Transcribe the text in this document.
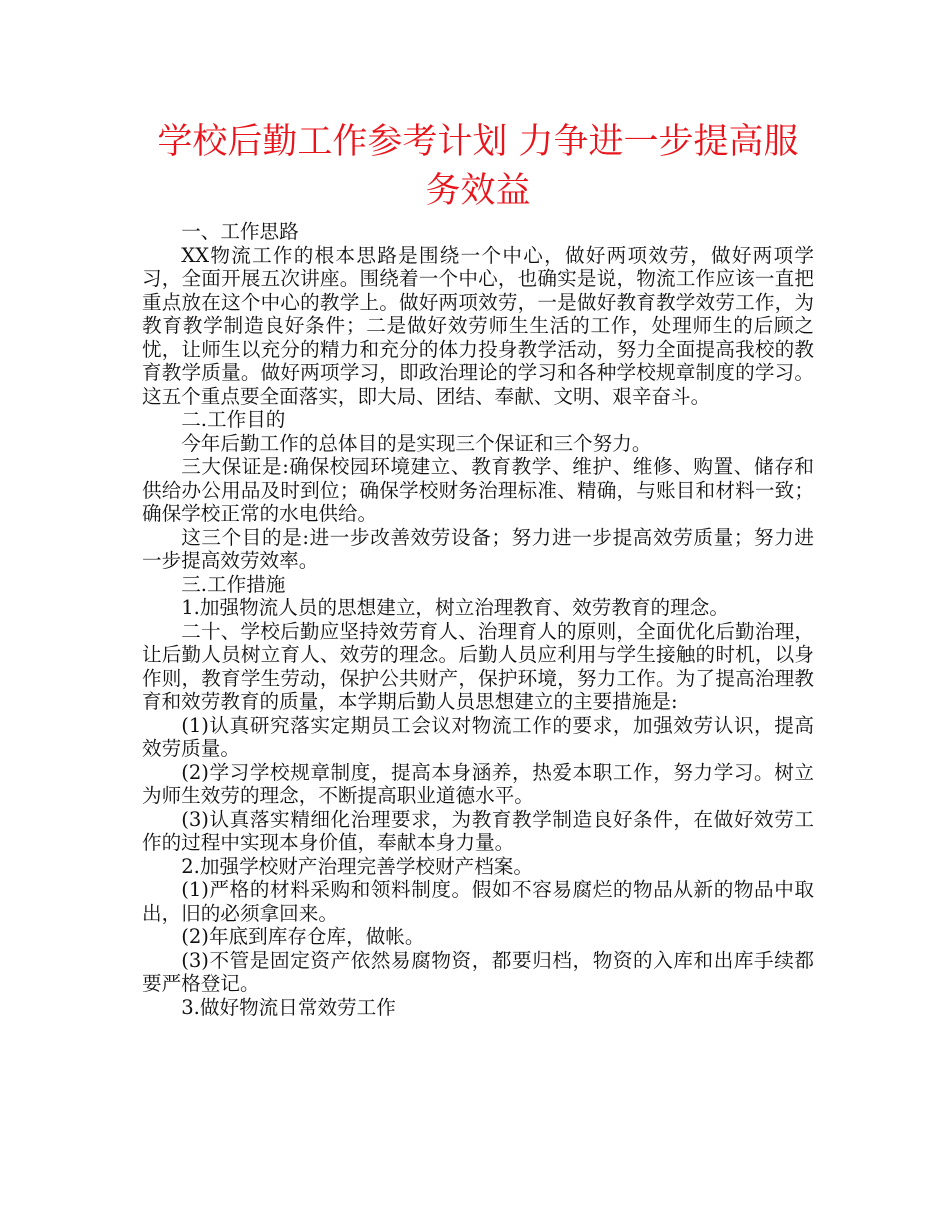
学校后勤工作参考计划 力争进一步提高服务效益

一、工作思路

XX物流工作的根本思路是围绕一个中心，做好两项效劳，做好两项学习，全面开展五次讲座。围绕着一个中心，也确实是说，物流工作应该一直把重点放在这个中心的教学上。做好两项效劳，一是做好教育教学效劳工作，为教育教学制造良好条件；二是做好效劳师生生活的工作，处理师生的后顾之忧，让师生以充分的精力和充分的体力投身教学活动，努力全面提高我校的教育教学质量。做好两项学习，即政治理论的学习和各种学校规章制度的学习。这五个重点要全面落实，即大局、团结、奉献、文明、艰辛奋斗。

二.工作目的

今年后勤工作的总体目的是实现三个保证和三个努力。

三大保证是:确保校园环境建立、教育教学、维护、维修、购置、储存和供给办公用品及时到位；确保学校财务治理标准、精确，与账目和材料一致；确保学校正常的水电供给。

这三个目的是:进一步改善效劳设备；努力进一步提高效劳质量；努力进一步提高效劳效率。

三.工作措施

1.加强物流人员的思想建立，树立治理教育、效劳教育的理念。

二十、学校后勤应坚持效劳育人、治理育人的原则，全面优化后勤治理，让后勤人员树立育人、效劳的理念。后勤人员应利用与学生接触的时机，以身作则，教育学生劳动，保护公共财产，保护环境，努力工作。为了提高治理教育和效劳教育的质量，本学期后勤人员思想建立的主要措施是:

(1)认真研究落实定期员工会议对物流工作的要求，加强效劳认识，提高效劳质量。

(2)学习学校规章制度，提高本身涵养，热爱本职工作，努力学习。树立为师生效劳的理念，不断提高职业道德水平。

(3)认真落实精细化治理要求，为教育教学制造良好条件，在做好效劳工作的过程中实现本身价值，奉献本身力量。

2.加强学校财产治理完善学校财产档案。

(1)严格的材料采购和领料制度。假如不容易腐烂的物品从新的物品中取出，旧的必须拿回来。

(2)年底到库存仓库，做帐。

(3)不管是固定资产依然易腐物资，都要归档，物资的入库和出库手续都要严格登记。

3.做好物流日常效劳工作
